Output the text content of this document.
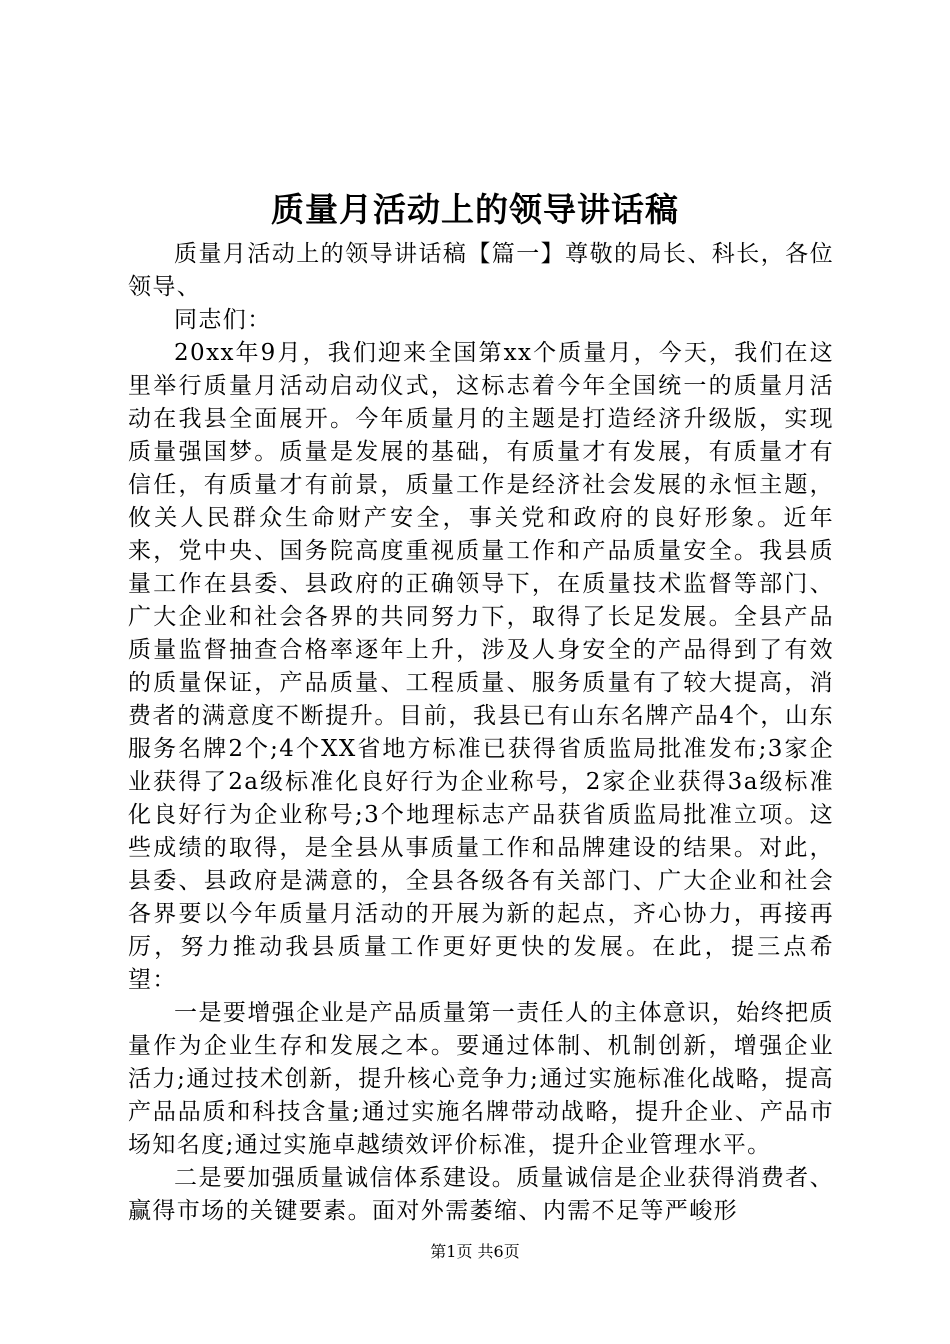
质量月活动上的领导讲话稿

质量月活动上的领导讲话稿【篇一】尊敬的局长、科长，各位领导、

同志们：

20xx年9月，我们迎来全国第xx个质量月，今天，我们在这里举行质量月活动启动仪式，这标志着今年全国统一的质量月活动在我县全面展开。今年质量月的主题是打造经济升级版，实现质量强国梦。质量是发展的基础，有质量才有发展，有质量才有信任，有质量才有前景，质量工作是经济社会发展的永恒主题，攸关人民群众生命财产安全，事关党和政府的良好形象。近年来，党中央、国务院高度重视质量工作和产品质量安全。我县质量工作在县委、县政府的正确领导下，在质量技术监督等部门、广大企业和社会各界的共同努力下，取得了长足发展。全县产品质量监督抽查合格率逐年上升，涉及人身安全的产品得到了有效的质量保证，产品质量、工程质量、服务质量有了较大提高，消费者的满意度不断提升。目前，我县已有山东名牌产品4个，山东服务名牌2个;4个XX省地方标准已获得省质监局批准发布;3家企业获得了2a级标准化良好行为企业称号，2家企业获得3a级标准化良好行为企业称号;3个地理标志产品获省质监局批准立项。这些成绩的取得，是全县从事质量工作和品牌建设的结果。对此，县委、县政府是满意的，全县各级各有关部门、广大企业和社会各界要以今年质量月活动的开展为新的起点，齐心协力，再接再厉，努力推动我县质量工作更好更快的发展。在此，提三点希望：

一是要增强企业是产品质量第一责任人的主体意识，始终把质量作为企业生存和发展之本。要通过体制、机制创新，增强企业活力;通过技术创新，提升核心竞争力;通过实施标准化战略，提高产品品质和科技含量;通过实施名牌带动战略，提升企业、产品市场知名度;通过实施卓越绩效评价标准，提升企业管理水平。

二是要加强质量诚信体系建设。质量诚信是企业获得消费者、赢得市场的关键要素。面对外需萎缩、内需不足等严峻形

第1页 共6页
